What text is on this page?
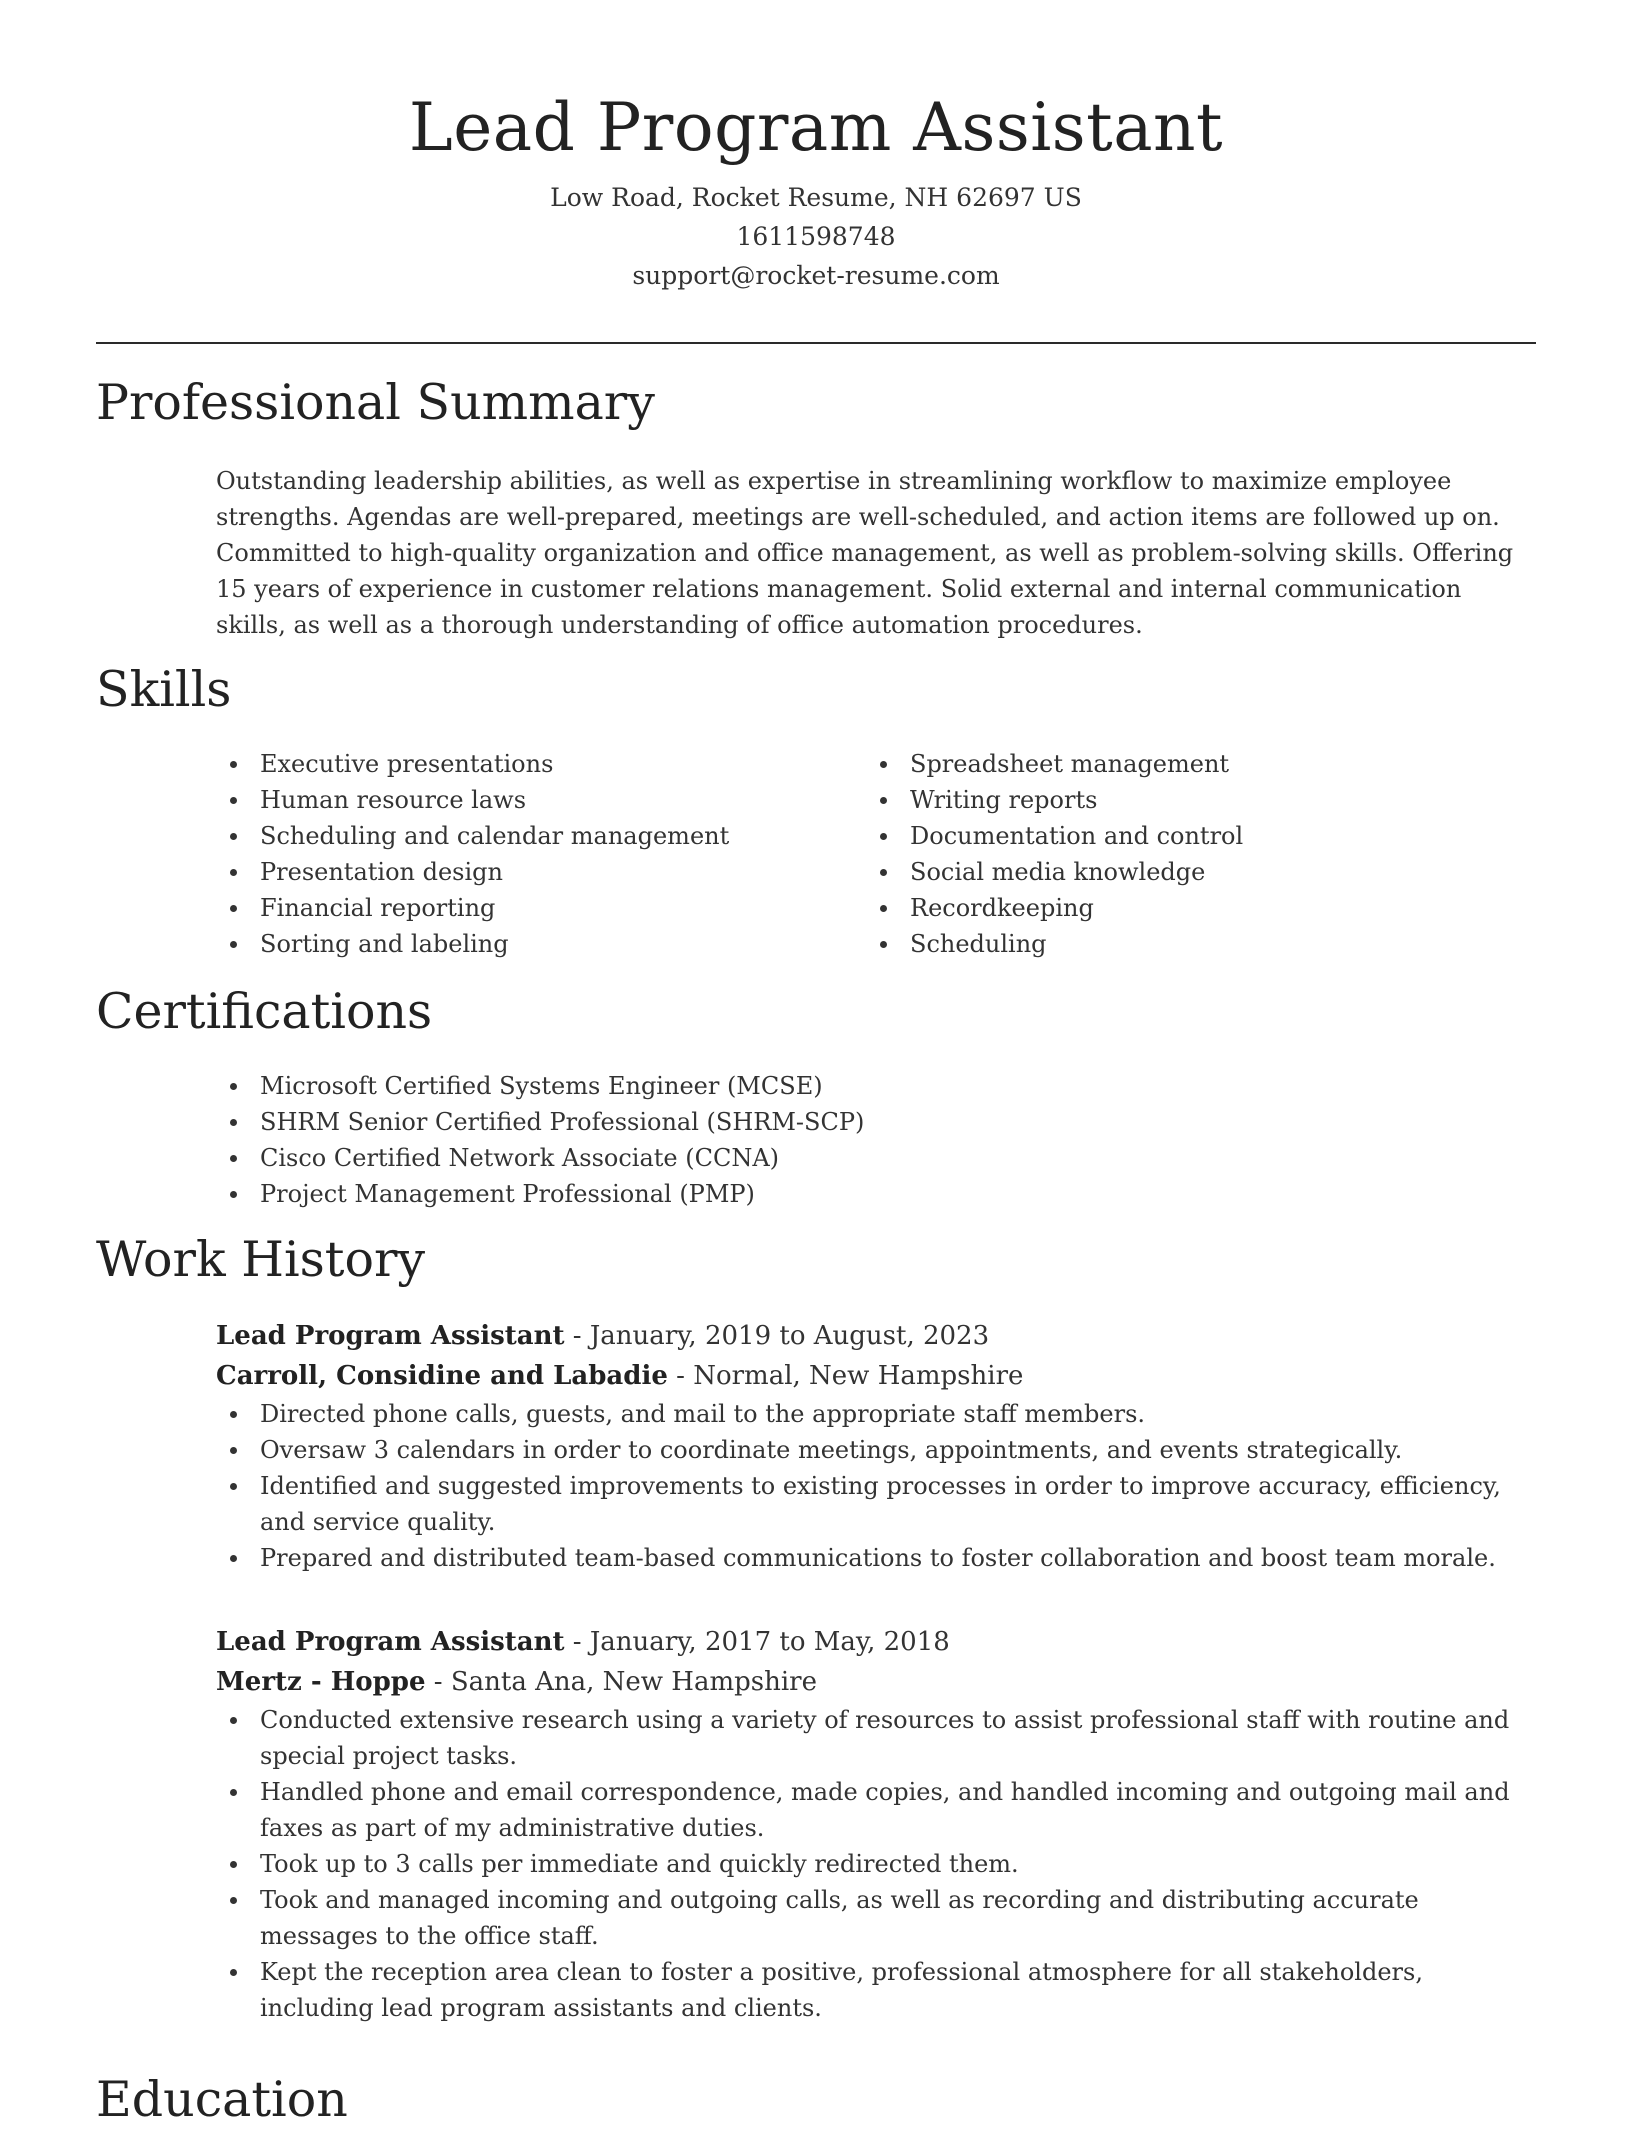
Lead Program Assistant
Low Road, Rocket Resume, NH 62697 US
1611598748
support@rocket-resume.com
Professional Summary

Outstanding leadership abilities, as well as expertise in streamlining workflow to maximize employee strengths. Agendas are well-prepared, meetings are well-scheduled, and action items are followed up on. Committed to high-quality organization and office management, as well as problem-solving skills. Offering 15 years of experience in customer relations management. Solid external and internal communication skills, as well as a thorough understanding of office automation procedures.

Skills
Executive presentations
Human resource laws
Scheduling and calendar management
Presentation design
Financial reporting
Sorting and labeling
Spreadsheet management
Writing reports
Documentation and control
Social media knowledge
Recordkeeping
Scheduling
Certifications
Microsoft Certified Systems Engineer (MCSE)
SHRM Senior Certified Professional (SHRM-SCP)
Cisco Certified Network Associate (CCNA)
Project Management Professional (PMP)
Work History
Lead Program Assistant - January, 2019 to August, 2023
Carroll, Considine and Labadie - Normal, New Hampshire
Directed phone calls, guests, and mail to the appropriate staff members.
Oversaw 3 calendars in order to coordinate meetings, appointments, and events strategically.
Identified and suggested improvements to existing processes in order to improve accuracy, efficiency, and service quality.
Prepared and distributed team-based communications to foster collaboration and boost team morale.
Lead Program Assistant - January, 2017 to May, 2018
Mertz - Hoppe - Santa Ana, New Hampshire
Conducted extensive research using a variety of resources to assist professional staff with routine and special project tasks.
Handled phone and email correspondence, made copies, and handled incoming and outgoing mail and faxes as part of my administrative duties.
Took up to 3 calls per immediate and quickly redirected them.
Took and managed incoming and outgoing calls, as well as recording and distributing accurate messages to the office staff.
Kept the reception area clean to foster a positive, professional atmosphere for all stakeholders, including lead program assistants and clients.
Education
